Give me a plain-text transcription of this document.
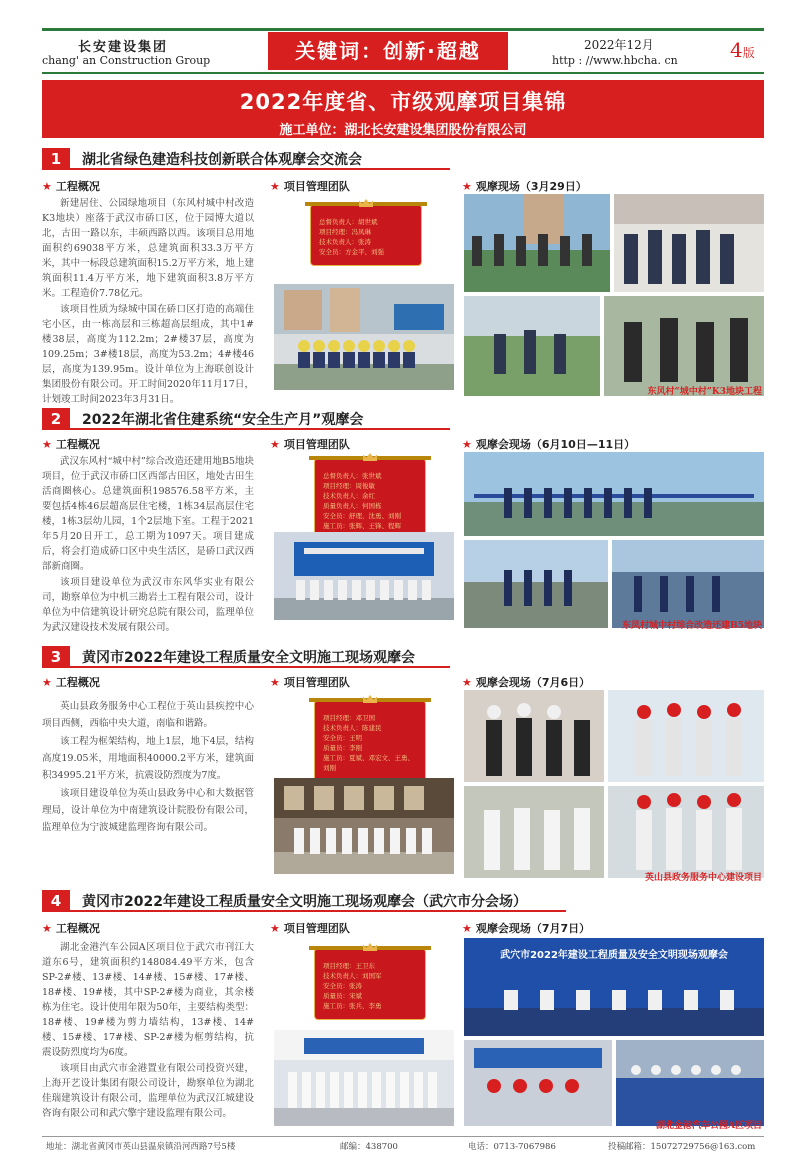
长安建设集团
chang' an Construction Group	关键词：创新·超越	2022年12月
http : //www.hbcha. cn	4版
2022年度省、市级观摩项目集锦
施工单位：湖北长安建设集团股份有限公司
1	湖北省绿色建造科技创新联合体观摩会交流会
★ 工程概况	★ 项目管理团队	★ 观摩现场（3月29日）

新建居住、公园绿地项目（东风村城中村改造K3地块）座落于武汉市硚口区，位于园博大道以北，古田一路以东，丰硕西路以西。该项目总用地面积约69038平方米，总建筑面积33.3万平方米，其中一标段总建筑面积15.2万平方米，地上建筑面积11.4万平方米，地下建筑面积3.8万平方米。工程造价7.78亿元。

该项目性质为绿城中国在硚口区打造的高端住宅小区，由一栋高层和三栋超高层组成，其中1#楼38层，高度为112.2m；2#楼37层，高度为109.25m；3#楼18层，高度为53.2m；4#楼46层，高度为139.95m。设计单位为上海联创设计集团股份有限公司。开工时间2020年11月17日，计划竣工时间2023年3月31日。

总督负责人：胡世斌
项目经理：冯凤琳
技术负责人：张涛
安全员：方金平、刘强
东风村“城中村”K3地块工程
2	2022年湖北省住建系统“安全生产月”观摩会
★ 工程概况	★ 项目管理团队	★ 观摩会现场（6月10日—11日）

武汉东风村“城中村”综合改造还建用地B5地块项目，位于武汉市硚口区西部古田区，地处古田生活商圈核心。总建筑面积198576.58平方米，主要包括4栋46层超高层住宅楼，1栋34层高层住宅楼，1栋3层幼儿园，1个2层地下室。工程于2021年5月20日开工，总工期为1097天。项目建成后，将会打造成硚口区中央生活区，是硚口武汉西部新商圈。

该项目建设单位为武汉市东风华实业有限公司，勘察单位为中机三勘岩土工程有限公司，设计单位为中信建筑设计研究总院有限公司，监理单位为武汉建设技术发展有限公司。

总督负责人：张世斌
项目经理：周俊敏
技术负责人：余红
质量负责人：何国栋
安全员：舒理、沈勇、刘刚
施工员：张辉、王锋、程辉
东风村城中村综合改造还建B5地块
3	黄冈市2022年建设工程质量安全文明施工现场观摩会
★ 工程概况	★ 项目管理团队	★ 观摩会现场（7月6日）

英山县政务服务中心工程位于英山县疾控中心项目西侧，西临中央大道，南临和谐路。

该工程为框架结构，地上1层，地下4层，结构高度19.05米，用地面积40000.2平方米，建筑面积34995.21平方米，抗震设防烈度为7度。

该项目建设单位为英山县政务中心和大数据管理局，设计单位为中南建筑设计院股份有限公司，监理单位为宁波城建监理咨询有限公司。

项目经理：邓卫国
技术负责人：陈建民
安全员：王明
质量员：李刚
施工员：夏斌、邓宏文、王勇、刘刚
英山县政务服务中心建设项目
4	黄冈市2022年建设工程质量安全文明施工现场观摩会（武穴市分会场）
★ 工程概况	★ 项目管理团队	★ 观摩会现场（7月7日）

湖北金港汽车公园A区项目位于武穴市刊江大道东6号，建筑面积约148084.49平方米，包含SP-2#楼、13#楼、14#楼、15#楼、17#楼、18#楼、19#楼，其中SP-2#楼为商业，其余楼栋为住宅。设计使用年限为50年，主要结构类型：18#楼、19#楼为剪力墙结构，13#楼、14#楼、15#楼、17#楼、SP-2#楼为框剪结构，抗震设防烈度均为6度。

该项目由武穴市金港置业有限公司投资兴建，上海开艺设计集团有限公司设计，勘察单位为湖北佳瑞建筑设计有限公司，监理单位为武汉江城建设咨询有限公司和武穴擎宇建设监理有限公司。

项目经理：王卫东
技术负责人：刘国军
安全员：张涛
质量员：宋斌
施工员：张兵、李勇
武穴市2022年建设工程质量及安全文明现场观摩会
湖北金港汽车公园A区项目
地址：湖北省黄冈市英山县温泉镇沿河西路7号5楼	邮编：438700	电话：0713-7067986	投稿邮箱：15072729756@163.com
